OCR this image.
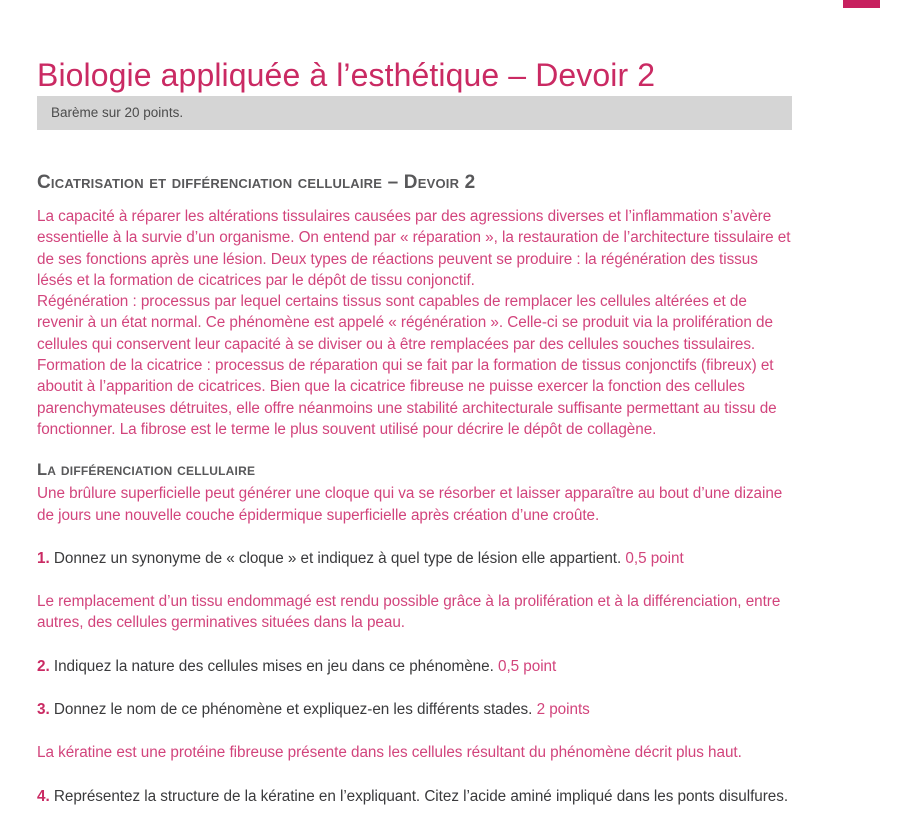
Biologie appliquée à l’esthétique – Devoir 2
Barème sur 20 points.
Cicatrisation et différenciation cellulaire – Devoir 2

La capacité à réparer les altérations tissulaires causées par des agressions diverses et l’inflammation s’avère essentielle à la survie d’un organisme. On entend par « réparation », la restauration de l’architecture tissulaire et de ses fonctions après une lésion. Deux types de réactions peuvent se produire : la régénération des tissus lésés et la formation de cicatrices par le dépôt de tissu conjonctif.

Régénération : processus par lequel certains tissus sont capables de remplacer les cellules altérées et de revenir à un état normal. Ce phénomène est appelé « régénération ». Celle-ci se produit via la prolifération de cellules qui conservent leur capacité à se diviser ou à être remplacées par des cellules souches tissulaires.

Formation de la cicatrice : processus de réparation qui se fait par la formation de tissus conjonctifs (fibreux) et aboutit à l’apparition de cicatrices. Bien que la cicatrice fibreuse ne puisse exercer la fonction des cellules parenchymateuses détruites, elle offre néanmoins une stabilité architecturale suffisante permettant au tissu de fonctionner. La fibrose est le terme le plus souvent utilisé pour décrire le dépôt de collagène.

La différenciation cellulaire

Une brûlure superficielle peut générer une cloque qui va se résorber et laisser apparaître au bout d’une dizaine de jours une nouvelle couche épidermique superficielle après création d’une croûte.

1. Donnez un synonyme de « cloque » et indiquez à quel type de lésion elle appartient. 0,5 point

Le remplacement d’un tissu endommagé est rendu possible grâce à la prolifération et à la différenciation, entre autres, des cellules germinatives situées dans la peau.

2. Indiquez la nature des cellules mises en jeu dans ce phénomène. 0,5 point

3. Donnez le nom de ce phénomène et expliquez-en les différents stades. 2 points

La kératine est une protéine fibreuse présente dans les cellules résultant du phénomène décrit plus haut.

4. Représentez la structure de la kératine en l’expliquant. Citez l’acide aminé impliqué dans les ponts disulfures.
